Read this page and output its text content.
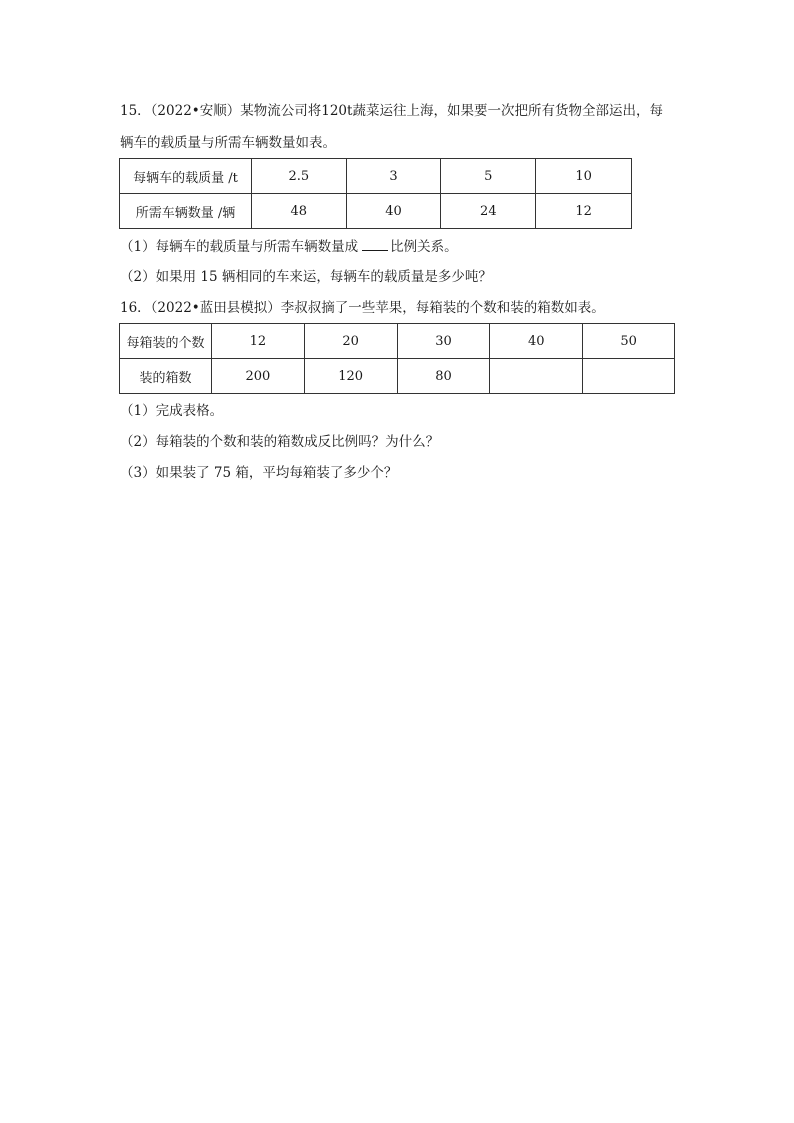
15．（2022•安顺）某物流公司将120t蔬菜运往上海，如果要一次把所有货物全部运出，每
辆车的载质量与所需车辆数量如表。
每辆车的载质量 /t	2.5	3	5	10
所需车辆数量 /辆	48	40	24	12
（1）每辆车的载质量与所需车辆数量成 比例关系。
（2）如果用 15 辆相同的车来运，每辆车的载质量是多少吨？
16．（2022•蓝田县模拟）李叔叔摘了一些苹果，每箱装的个数和装的箱数如表。
每箱装的个数	12	20	30	40	50
装的箱数	200	120	80		
（1）完成表格。
（2）每箱装的个数和装的箱数成反比例吗？为什么？
（3）如果装了 75 箱，平均每箱装了多少个？
